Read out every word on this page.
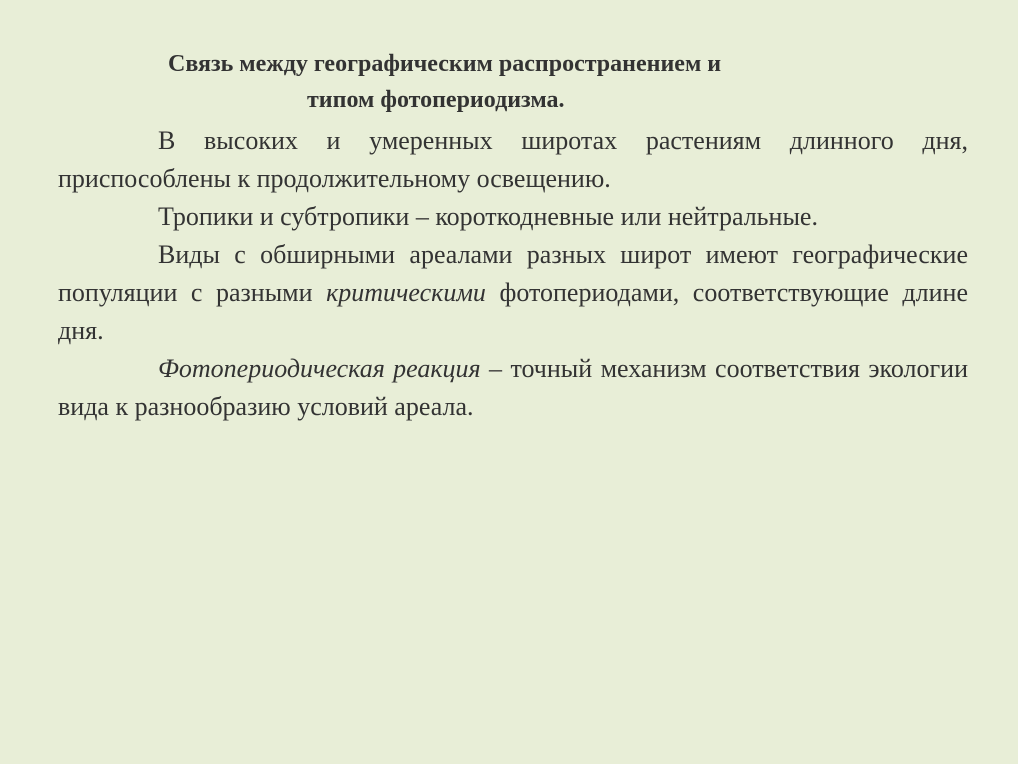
Связь между географическим распространением и
типом фотопериодизма.

В высоких и умеренных широтах растениям длинного дня, приспособлены к продолжительному освещению.

Тропики и субтропики – короткодневные или нейтральные.

Виды с обширными ареалами разных широт имеют географические популяции с разными критическими фотопериодами, соответствующие длине дня.

Фотопериодическая реакция – точный механизм соответствия экологии вида к разнообразию условий ареала.
